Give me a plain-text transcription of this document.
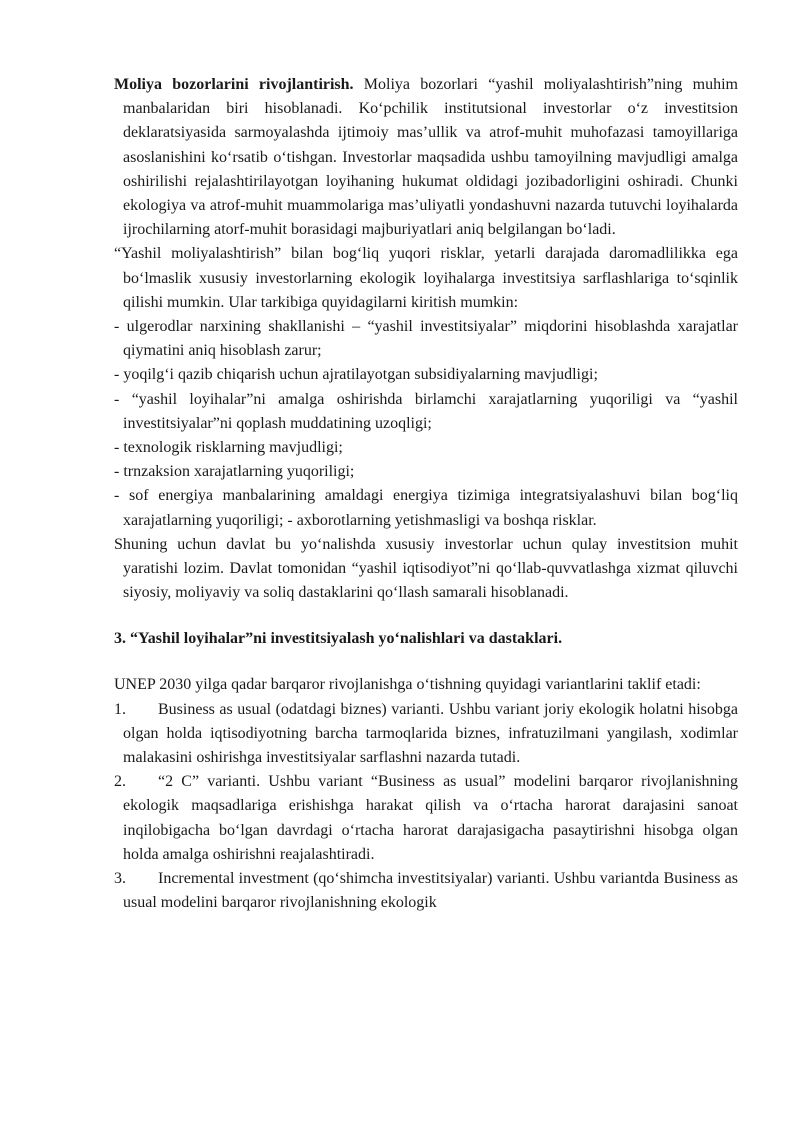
Moliya bozorlarini rivojlantirish. Moliya bozorlari “yashil moliyalashtirish”ning muhim manbalaridan biri hisoblanadi. Koʻpchilik institutsional investorlar oʻz investitsion deklaratsiyasida sarmoyalashda ijtimoiy mas’ullik va atrof-muhit muhofazasi tamoyillariga asoslanishini koʻrsatib oʻtishgan. Investorlar maqsadida ushbu tamoyilning mavjudligi amalga oshirilishi rejalashtirilayotgan loyihaning hukumat oldidagi jozibadorligini oshiradi. Chunki ekologiya va atrof-muhit muammolariga mas’uliyatli yondashuvni nazarda tutuvchi loyihalarda ijrochilarning atorf-muhit borasidagi majburiyatlari aniq belgilangan boʻladi.

“Yashil moliyalashtirish” bilan bogʻliq yuqori risklar, yetarli darajada daromadlilikka ega boʻlmaslik xususiy investorlarning ekologik loyihalarga investitsiya sarflashlariga toʻsqinlik qilishi mumkin. Ular tarkibiga quyidagilarni kiritish mumkin:

- ulgerodlar narxining shakllanishi – “yashil investitsiyalar” miqdorini hisoblashda xarajatlar qiymatini aniq hisoblash zarur;

- yoqilgʻi qazib chiqarish uchun ajratilayotgan subsidiyalarning mavjudligi;

- “yashil loyihalar”ni amalga oshirishda birlamchi xarajatlarning yuqoriligi va “yashil investitsiyalar”ni qoplash muddatining uzoqligi;

- texnologik risklarning mavjudligi;

- trnzaksion xarajatlarning yuqoriligi;

- sof energiya manbalarining amaldagi energiya tizimiga integratsiyalashuvi bilan bogʻliq xarajatlarning yuqoriligi; - axborotlarning yetishmasligi va boshqa risklar.

Shuning uchun davlat bu yoʻnalishda xususiy investorlar uchun qulay investitsion muhit yaratishi lozim. Davlat tomonidan “yashil iqtisodiyot”ni qoʻllab-quvvatlashga xizmat qiluvchi siyosiy, moliyaviy va soliq dastaklarini qoʻllash samarali hisoblanadi.

3. “Yashil loyihalar”ni investitsiyalash yoʻnalishlari va dastaklari.

UNEP 2030 yilga qadar barqaror rivojlanishga oʻtishning quyidagi variantlarini taklif etadi:

1. Business as usual (odatdagi biznes) varianti. Ushbu variant joriy ekologik holatni hisobga olgan holda iqtisodiyotning barcha tarmoqlarida biznes, infratuzilmani yangilash, xodimlar malakasini oshirishga investitsiyalar sarflashni nazarda tutadi.

2. “2 C” varianti. Ushbu variant “Business as usual” modelini barqaror rivojlanishning ekologik maqsadlariga erishishga harakat qilish va oʻrtacha harorat darajasini sanoat inqilobigacha boʻlgan davrdagi oʻrtacha harorat darajasigacha pasaytirishni hisobga olgan holda amalga oshirishni reajalashtiradi.

3. Incremental investment (qoʻshimcha investitsiyalar) varianti. Ushbu variantda Business as usual modelini barqaror rivojlanishning ekologik
